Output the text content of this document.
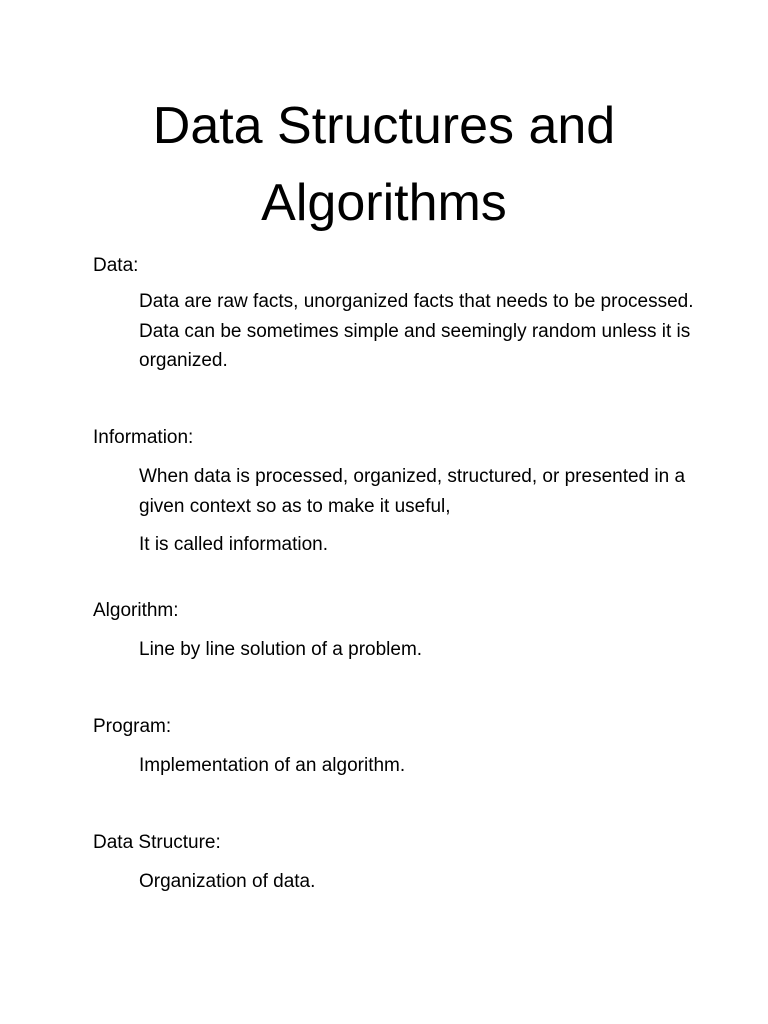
Data Structures and
Algorithms

Data:

Data are raw facts, unorganized facts that needs to be processed. Data can be sometimes simple and seemingly random unless it is organized.

Information:

When data is processed, organized, structured, or presented in a given context so as to make it useful,

It is called information.

Algorithm:

Line by line solution of a problem.

Program:

Implementation of an algorithm.

Data Structure:

Organization of data.
